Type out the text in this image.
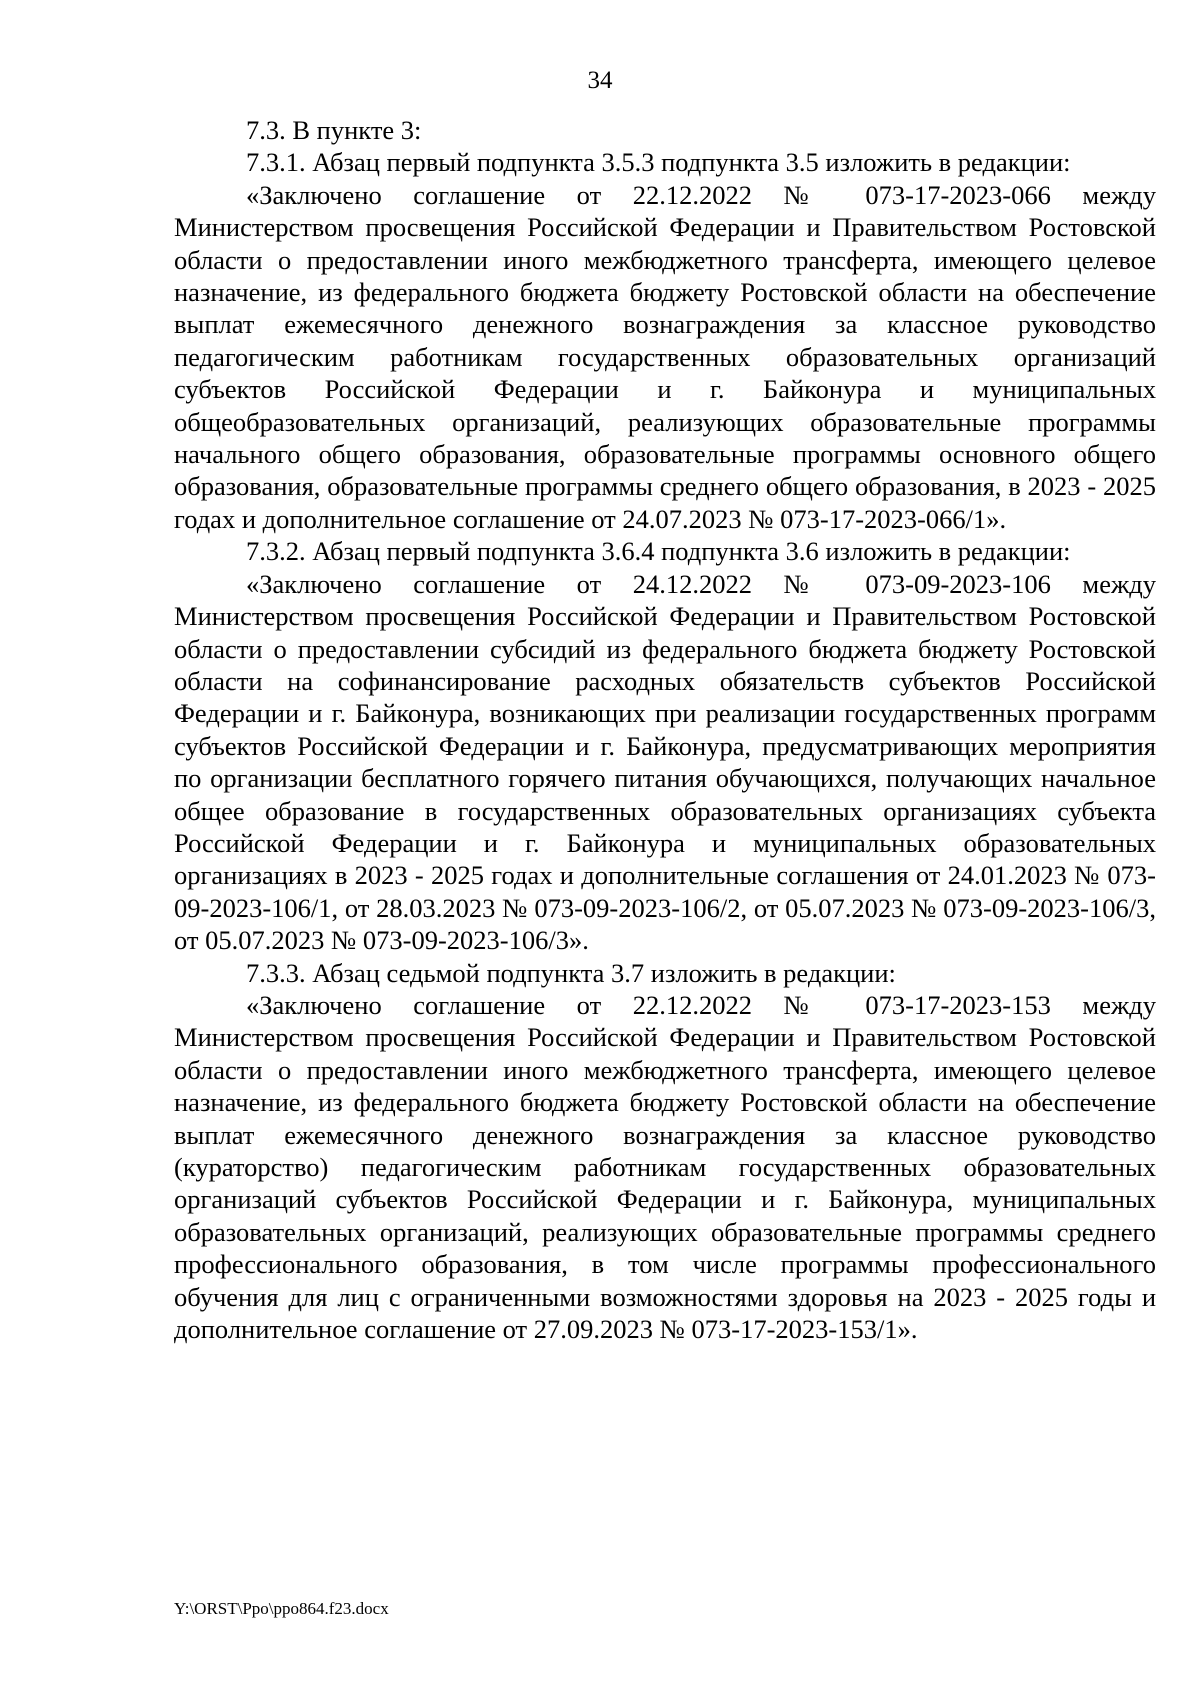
34

7.3. В пункте 3:

7.3.1. Абзац первый подпункта 3.5.3 подпункта 3.5 изложить в редакции:

«Заключено соглашение от 22.12.2022 № 073-17-2023-066 между Министерством просвещения Российской Федерации и Правительством Ростовской области о предоставлении иного межбюджетного трансферта, имеющего целевое назначение, из федерального бюджета бюджету Ростовской области на обеспечение выплат ежемесячного денежного вознаграждения за классное руководство педагогическим работникам государственных образовательных организаций субъектов Российской Федерации и г. Байконура и муниципальных общеобразовательных организаций, реализующих образовательные программы начального общего образования, образовательные программы основного общего образования, образовательные программы среднего общего образования, в 2023 - 2025 годах и дополнительное соглашение от 24.07.2023 № 073-17-2023-066/1».

7.3.2. Абзац первый подпункта 3.6.4 подпункта 3.6 изложить в редакции:

«Заключено соглашение от 24.12.2022 № 073-09-2023-106 между Министерством просвещения Российской Федерации и Правительством Ростовской области о предоставлении субсидий из федерального бюджета бюджету Ростовской области на софинансирование расходных обязательств субъектов Российской Федерации и г. Байконура, возникающих при реализации государственных программ субъектов Российской Федерации и г. Байконура, предусматривающих мероприятия по организации бесплатного горячего питания обучающихся, получающих начальное общее образование в государственных образовательных организациях субъекта Российской Федерации и г. Байконура и муниципальных образовательных организациях в 2023 - 2025 годах и дополнительные соглашения от 24.01.2023 № 073-09-2023-106/1, от 28.03.2023 № 073-09-2023-106/2, от 05.07.2023 № 073-09-2023-106/3, от 05.07.2023 № 073-09-2023-106/3».

7.3.3. Абзац седьмой подпункта 3.7 изложить в редакции:

«Заключено соглашение от 22.12.2022 № 073-17-2023-153 между Министерством просвещения Российской Федерации и Правительством Ростовской области о предоставлении иного межбюджетного трансферта, имеющего целевое назначение, из федерального бюджета бюджету Ростовской области на обеспечение выплат ежемесячного денежного вознаграждения за классное руководство (кураторство) педагогическим работникам государственных образовательных организаций субъектов Российской Федерации и г. Байконура, муниципальных образовательных организаций, реализующих образовательные программы среднего профессионального образования, в том числе программы профессионального обучения для лиц с ограниченными возможностями здоровья на 2023 - 2025 годы и дополнительное соглашение от 27.09.2023 № 073-17-2023-153/1».

Y:\ORST\Ppo\ppo864.f23.docx
